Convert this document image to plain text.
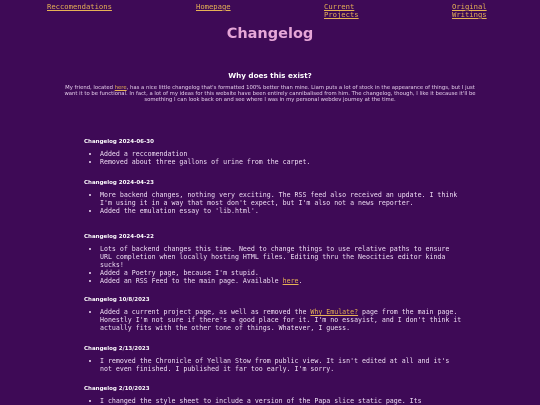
Reccomendations	Homepage	Current
Projects
Original
Writings
Changelog
Why does this exist?
My friend, located here, has a nice little changelog that's formatted 100% better than mine. Liam puts a lot of stock in the appearance of things, but I just want it to be functional. In fact, a lot of my ideas for this website have been entirely cannibalised from him. The changelog, though, I like it because it'll be something I can look back on and see where I was in my personal webdev journey at the time.
Changelog 2024-06-30
• Added a reccomendation
• Removed about three gallons of urine from the carpet.
Changelog 2024-04-23
• More backend changes, nothing very exciting. The RSS feed also received an update. I think I'm using it in a way that most don't expect, but I'm also not a news reporter.
• Added the emulation essay to 'lib.html'.
Changelog 2024-04-22
• Lots of backend changes this time. Need to change things to use relative paths to ensure URL completion when locally hosting HTML files. Editing thru the Neocities editor kinda sucks!
• Added a Poetry page, because I'm stupid.
• Added an RSS Feed to the main page. Available here.
Changelog 10/8/2023
• Added a current project page, as well as removed the Why Emulate? page from the main page. Honestly I'm not sure if there's a good place for it. I'm no essayist, and I don't think it actually fits with the other tone of things. Whatever, I guess.
Changelog 2/13/2023
• I removed the Chronicle of Yellan Stow from public view. It isn't edited at all and it's not even finished. I published it far too early. I'm sorry.
Changelog 2/10/2023
• I changed the style sheet to include a version of the Papa slice static page. Its
